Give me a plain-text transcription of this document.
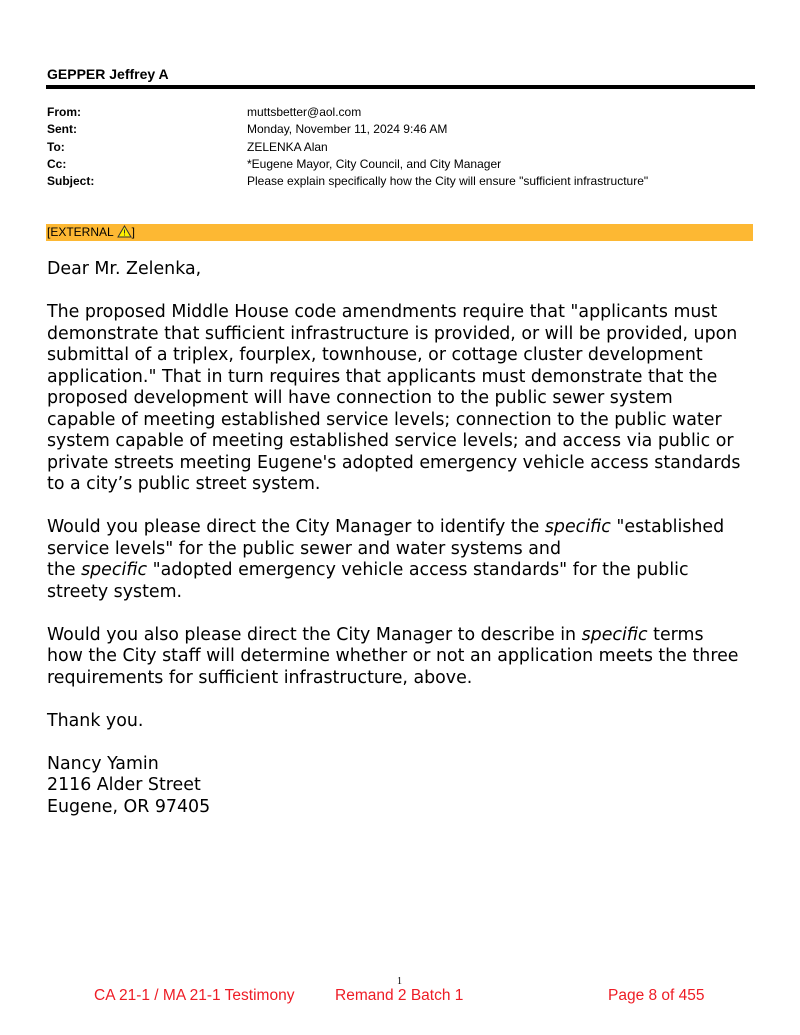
GEPPER Jeffrey A
From:	muttsbetter@aol.com
Sent:	Monday, November 11, 2024 9:46 AM
To:	ZELENKA Alan
Cc:	*Eugene Mayor, City Council, and City Manager
Subject:	Please explain specifically how the City will ensure "sufficient infrastructure"
[EXTERNAL ]
Dear Mr. Zelenka,
The proposed Middle House code amendments require that "applicants must
demonstrate that sufficient infrastructure is provided, or will be provided, upon
submittal of a triplex, fourplex, townhouse, or cottage cluster development
application." That in turn requires that applicants must demonstrate that the
proposed development will have connection to the public sewer system
capable of meeting established service levels; connection to the public water
system capable of meeting established service levels; and access via public or
private streets meeting Eugene's adopted emergency vehicle access standards
to a city’s public street system.
Would you please direct the City Manager to identify the specific "established
service levels" for the public sewer and water systems and
the specific "adopted emergency vehicle access standards" for the public
streety system.
Would you also please direct the City Manager to describe in specific terms
how the City staff will determine whether or not an application meets the three
requirements for sufficient infrastructure, above.
Thank you.
Nancy Yamin
2116 Alder Street
Eugene, OR 97405
1
CA 21-1 / MA 21-1 Testimony	Remand 2 Batch 1	Page 8 of 455
